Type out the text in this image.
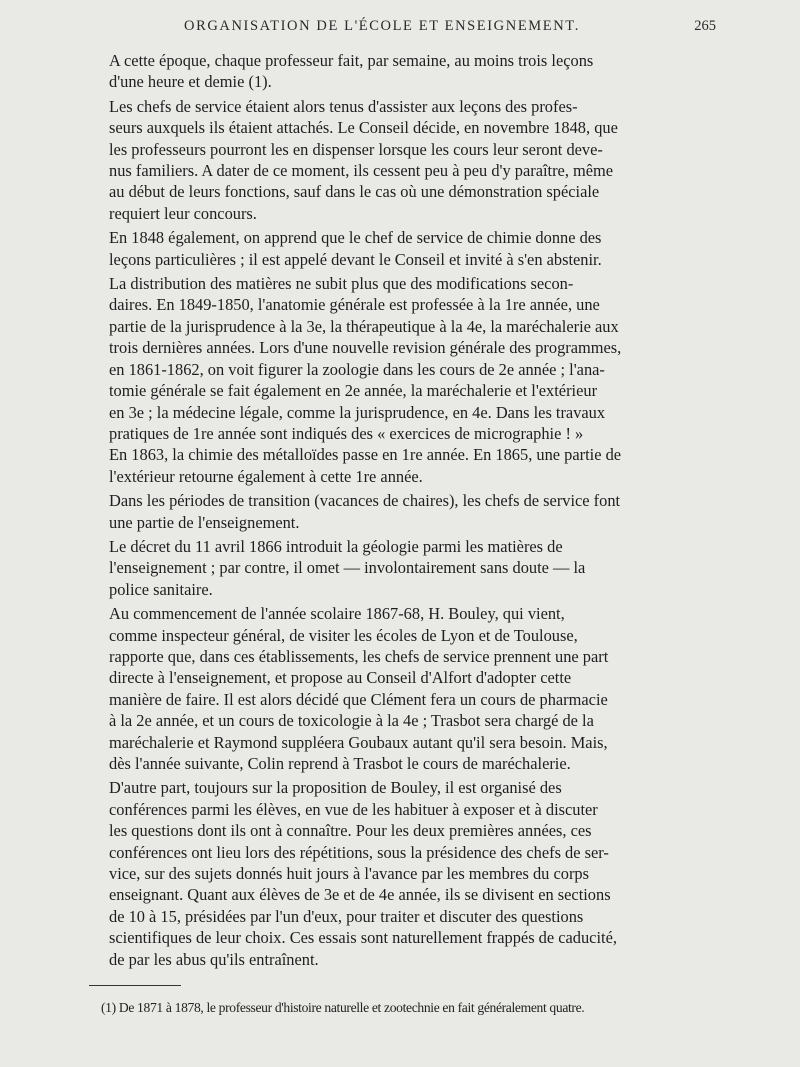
ORGANISATION DE L'ÉCOLE ET ENSEIGNEMENT.	265

A cette époque, chaque professeur fait, par semaine, au moins trois leçons
d'une heure et demie (1).

Les chefs de service étaient alors tenus d'assister aux leçons des profes-
seurs auxquels ils étaient attachés. Le Conseil décide, en novembre 1848, que
les professeurs pourront les en dispenser lorsque les cours leur seront deve-
nus familiers. A dater de ce moment, ils cessent peu à peu d'y paraître, même
au début de leurs fonctions, sauf dans le cas où une démonstration spéciale
requiert leur concours.

En 1848 également, on apprend que le chef de service de chimie donne des
leçons particulières ; il est appelé devant le Conseil et invité à s'en abstenir.

La distribution des matières ne subit plus que des modifications secon-
daires. En 1849-1850, l'anatomie générale est professée à la 1re année, une
partie de la jurisprudence à la 3e, la thérapeutique à la 4e, la maréchalerie aux
trois dernières années. Lors d'une nouvelle revision générale des programmes,
en 1861-1862, on voit figurer la zoologie dans les cours de 2e année ; l'ana-
tomie générale se fait également en 2e année, la maréchalerie et l'extérieur
en 3e ; la médecine légale, comme la jurisprudence, en 4e. Dans les travaux
pratiques de 1re année sont indiqués des « exercices de micrographie ! »
En 1863, la chimie des métalloïdes passe en 1re année. En 1865, une partie de
l'extérieur retourne également à cette 1re année.

Dans les périodes de transition (vacances de chaires), les chefs de service font
une partie de l'enseignement.

Le décret du 11 avril 1866 introduit la géologie parmi les matières de
l'enseignement ; par contre, il omet — involontairement sans doute — la
police sanitaire.

Au commencement de l'année scolaire 1867-68, H. Bouley, qui vient,
comme inspecteur général, de visiter les écoles de Lyon et de Toulouse,
rapporte que, dans ces établissements, les chefs de service prennent une part
directe à l'enseignement, et propose au Conseil d'Alfort d'adopter cette
manière de faire. Il est alors décidé que Clément fera un cours de pharmacie
à la 2e année, et un cours de toxicologie à la 4e ; Trasbot sera chargé de la
maréchalerie et Raymond suppléera Goubaux autant qu'il sera besoin. Mais,
dès l'année suivante, Colin reprend à Trasbot le cours de maréchalerie.

D'autre part, toujours sur la proposition de Bouley, il est organisé des
conférences parmi les élèves, en vue de les habituer à exposer et à discuter
les questions dont ils ont à connaître. Pour les deux premières années, ces
conférences ont lieu lors des répétitions, sous la présidence des chefs de ser-
vice, sur des sujets donnés huit jours à l'avance par les membres du corps
enseignant. Quant aux élèves de 3e et de 4e année, ils se divisent en sections
de 10 à 15, présidées par l'un d'eux, pour traiter et discuter des questions
scientifiques de leur choix. Ces essais sont naturellement frappés de caducité,
de par les abus qu'ils entraînent.

(1) De 1871 à 1878, le professeur d'histoire naturelle et zootechnie en fait généralement quatre.
